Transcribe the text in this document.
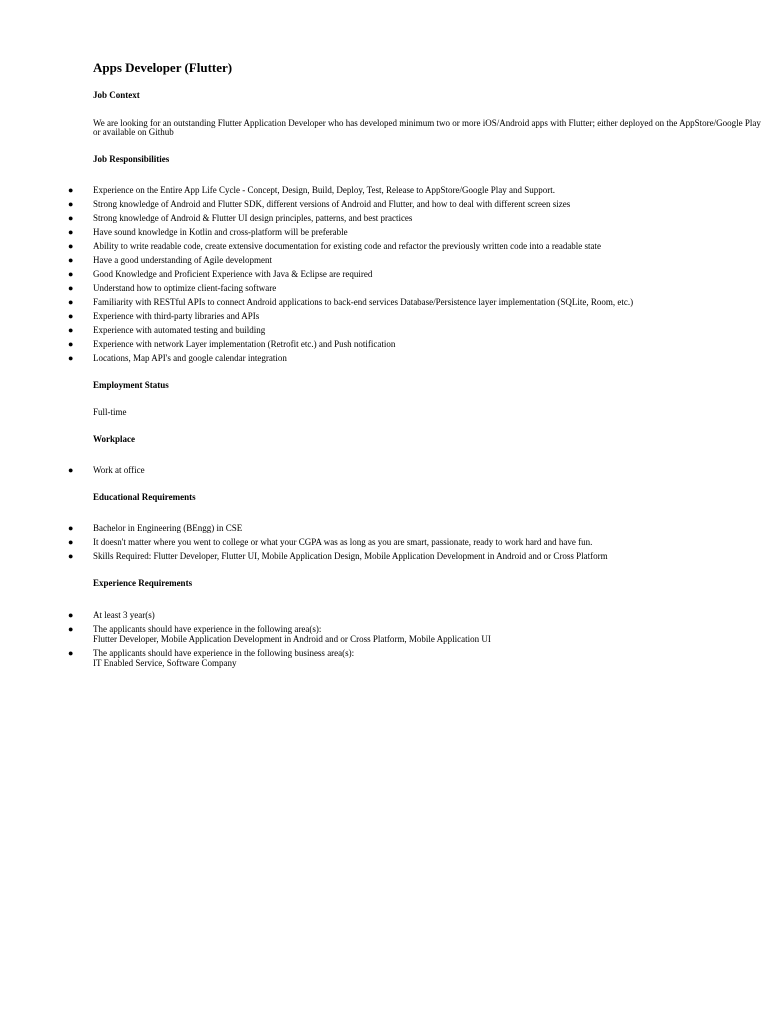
Apps Developer (Flutter)
Job Context
We are looking for an outstanding Flutter Application Developer who has developed minimum two or more iOS/Android apps with Flutter; either deployed on the AppStore/Google Play
or available on Github
Job Responsibilities
● Experience on the Entire App Life Cycle - Concept, Design, Build, Deploy, Test, Release to AppStore/Google Play and Support.
● Strong knowledge of Android and Flutter SDK, different versions of Android and Flutter, and how to deal with different screen sizes
● Strong knowledge of Android & Flutter UI design principles, patterns, and best practices
● Have sound knowledge in Kotlin and cross-platform will be preferable
● Ability to write readable code, create extensive documentation for existing code and refactor the previously written code into a readable state
● Have a good understanding of Agile development
● Good Knowledge and Proficient Experience with Java & Eclipse are required
● Understand how to optimize client-facing software
● Familiarity with RESTful APIs to connect Android applications to back-end services Database/Persistence layer implementation (SQLite, Room, etc.)
● Experience with third-party libraries and APIs
● Experience with automated testing and building
● Experience with network Layer implementation (Retrofit etc.) and Push notification
● Locations, Map API's and google calendar integration
Employment Status
Full-time
Workplace
● Work at office
Educational Requirements
● Bachelor in Engineering (BEngg) in CSE
● It doesn't matter where you went to college or what your CGPA was as long as you are smart, passionate, ready to work hard and have fun.
● Skills Required: Flutter Developer, Flutter UI, Mobile Application Design, Mobile Application Development in Android and or Cross Platform
Experience Requirements
● At least 3 year(s)
● The applicants should have experience in the following area(s):
Flutter Developer, Mobile Application Development in Android and or Cross Platform, Mobile Application UI
● The applicants should have experience in the following business area(s):
IT Enabled Service, Software Company
